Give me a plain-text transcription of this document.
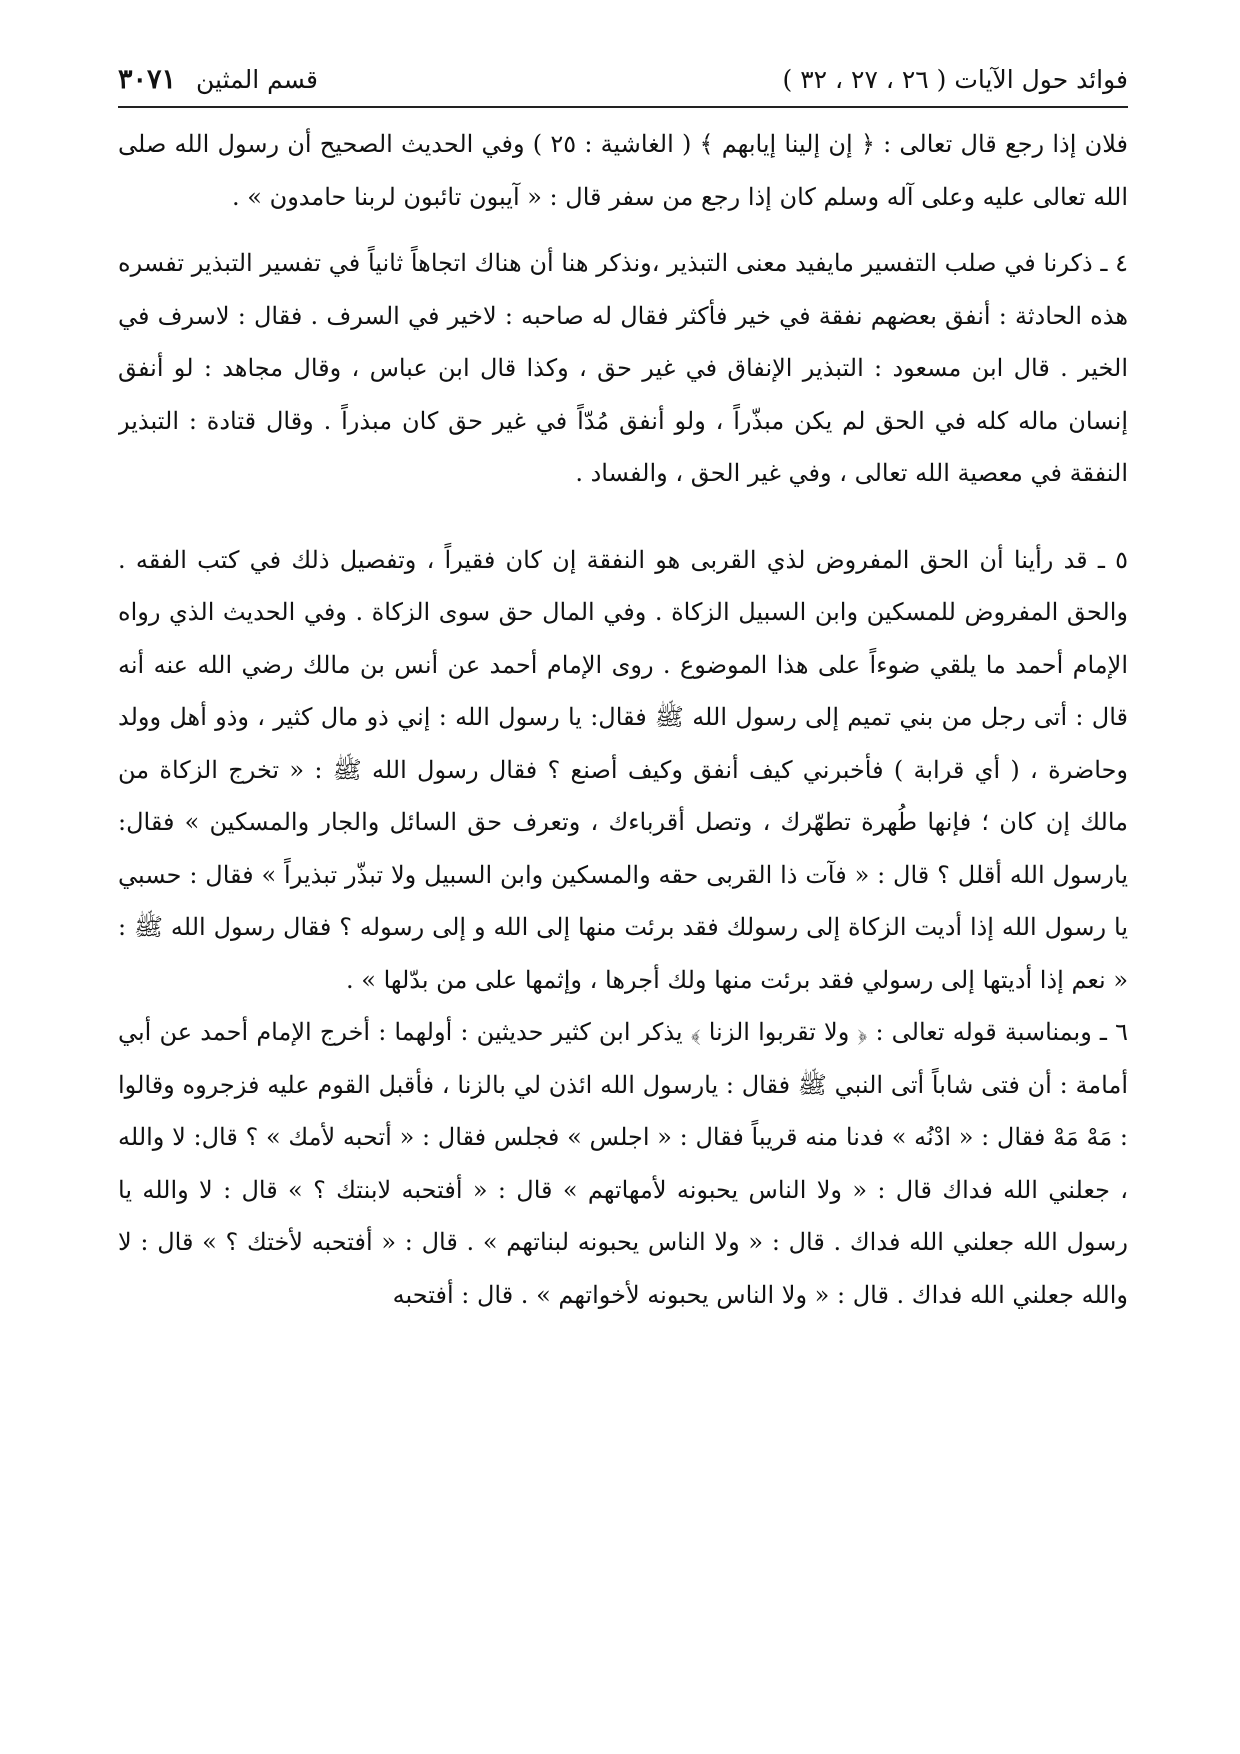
فوائد حول الآيات ( ٢٦ ، ٢٧ ، ٣٢ )
قسم المثين
٣٠٧١

فلان إذا رجع قال تعالى : ﴿ إن إلينا إيابهم ﴾ ( الغاشية : ٢٥ ) وفي الحديث الصحيح أن رسول الله صلى الله تعالى عليه وعلى آله وسلم كان إذا رجع من سفر قال : « آيبون تائبون لربنا حامدون » .

٤ ـ ذكرنا في صلب التفسير مايفيد معنى التبذير ،ونذكر هنا أن هناك اتجاهاً ثانياً في تفسير التبذير تفسره هذه الحادثة : أنفق بعضهم نفقة في خير فأكثر فقال له صاحبه : لاخير في السرف . فقال : لاسرف في الخير . قال ابن مسعود : التبذير الإنفاق في غير حق ، وكذا قال ابن عباس ، وقال مجاهد : لو أنفق إنسان ماله كله في الحق لم يكن مبذّراً ، ولو أنفق مُدّاً في غير حق كان مبذراً . وقال قتادة : التبذير النفقة في معصية الله تعالى ، وفي غير الحق ، والفساد .

٥ ـ قد رأينا أن الحق المفروض لذي القربى هو النفقة إن كان فقيراً ، وتفصيل ذلك في كتب الفقه . والحق المفروض للمسكين وابن السبيل الزكاة . وفي المال حق سوى الزكاة . وفي الحديث الذي رواه الإمام أحمد ما يلقي ضوءاً على هذا الموضوع . روى الإمام أحمد عن أنس بن مالك رضي الله عنه أنه قال : أتى رجل من بني تميم إلى رسول الله ﷺ فقال: يا رسول الله : إني ذو مال كثير ، وذو أهل وولد وحاضرة ، ( أي قرابة ) فأخبرني كيف أنفق وكيف أصنع ؟ فقال رسول الله ﷺ : « تخرج الزكاة من مالك إن كان ؛ فإنها طُهرة تطهّرك ، وتصل أقرباءك ، وتعرف حق السائل والجار والمسكين » فقال: يارسول الله أقلل ؟ قال : « فآت ذا القربى حقه والمسكين وابن السبيل ولا تبذّر تبذيراً » فقال : حسبي يا رسول الله إذا أديت الزكاة إلى رسولك فقد برئت منها إلى الله و إلى رسوله ؟ فقال رسول الله ﷺ : « نعم إذا أديتها إلى رسولي فقد برئت منها ولك أجرها ، وإثمها على من بدّلها » .

٦ ـ وبمناسبة قوله تعالى : ﴿ ولا تقربوا الزنا ﴾ يذكر ابن كثير حديثين : أولهما : أخرج الإمام أحمد عن أبي أمامة : أن فتى شاباً أتى النبي ﷺ فقال : يارسول الله ائذن لي بالزنا ، فأقبل القوم عليه فزجروه وقالوا : مَهْ مَهْ فقال : « ادْنُه » فدنا منه قريباً فقال : « اجلس » فجلس فقال : « أتحبه لأمك » ؟ قال: لا والله ، جعلني الله فداك قال : « ولا الناس يحبونه لأمهاتهم » قال : « أفتحبه لابنتك ؟ » قال : لا والله يا رسول الله جعلني الله فداك . قال : « ولا الناس يحبونه لبناتهم » . قال : « أفتحبه لأختك ؟ » قال : لا والله جعلني الله فداك . قال : « ولا الناس يحبونه لأخواتهم » . قال : أفتحبه
